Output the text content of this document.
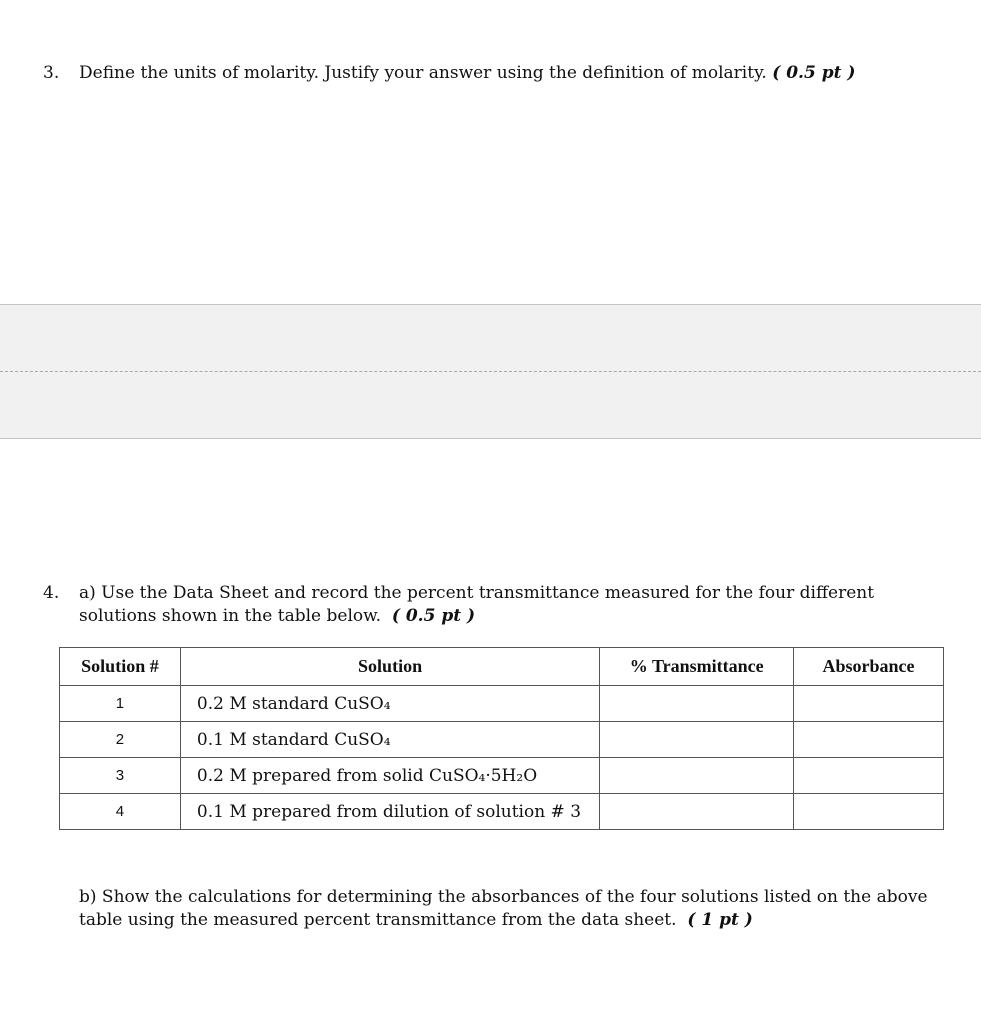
3. Define the units of molarity. Justify your answer using the definition of molarity. ( 0.5 pt )
4. a) Use the Data Sheet and record the percent transmittance measured for the four different
solutions shown in the table below. ( 0.5 pt )
Solution #	Solution	% Transmittance	Absorbance
1	0.2 M standard CuSO₄		
2	0.1 M standard CuSO₄		
3	0.2 M prepared from solid CuSO₄·5H₂O		
4	0.1 M prepared from dilution of solution # 3		
b) Show the calculations for determining the absorbances of the four solutions listed on the above
table using the measured percent transmittance from the data sheet. ( 1 pt )
